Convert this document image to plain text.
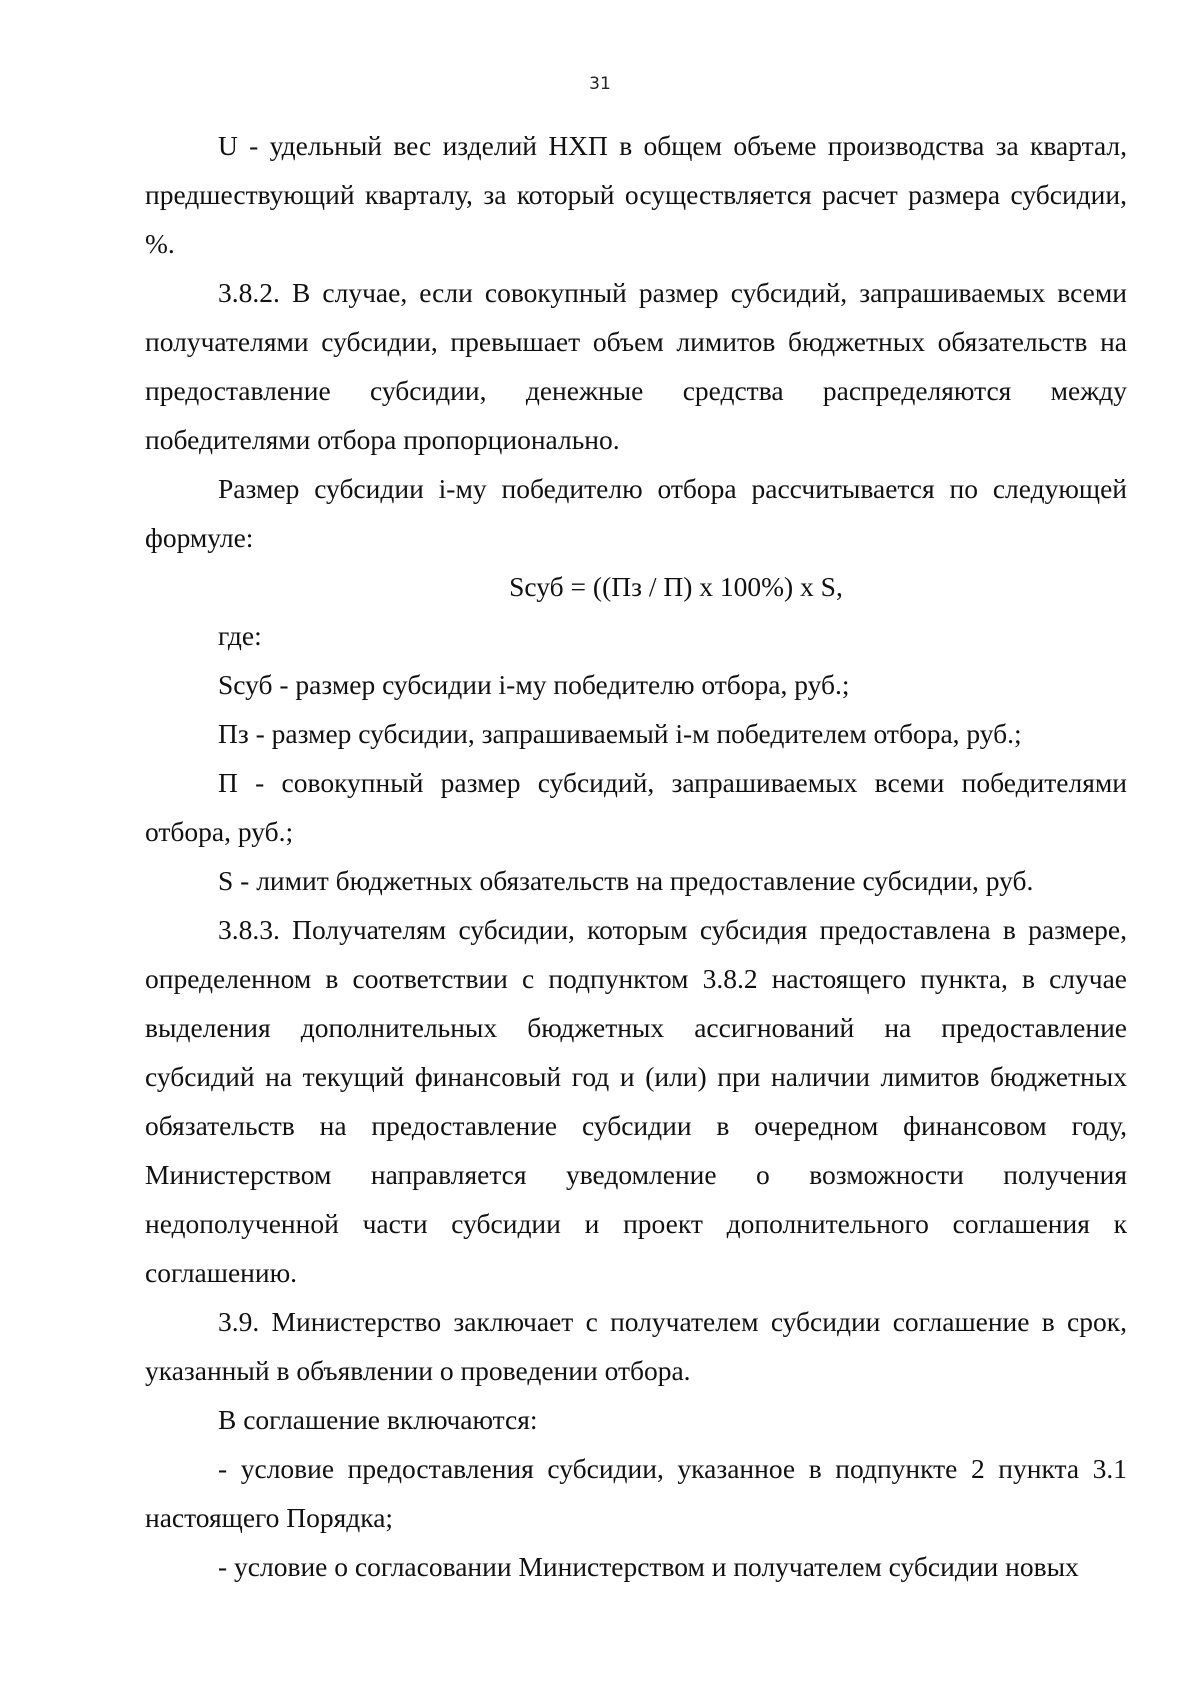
31

U - удельный вес изделий НХП в общем объеме производства за квартал, предшествующий кварталу, за который осуществляется расчет размера субсидии, %.

3.8.2. В случае, если совокупный размер субсидий, запрашиваемых всеми получателями субсидии, превышает объем лимитов бюджетных обязательств на предоставление субсидии, денежные средства распределяются между победителями отбора пропорционально.

Размер субсидии i-му победителю отбора рассчитывается по следующей формуле:

Sсуб = ((Пз / П) х 100%) х S,

где:

Sсуб - размер субсидии i-му победителю отбора, руб.;

Пз - размер субсидии, запрашиваемый i-м победителем отбора, руб.;

П - совокупный размер субсидий, запрашиваемых всеми победителями отбора, руб.;

S - лимит бюджетных обязательств на предоставление субсидии, руб.

3.8.3. Получателям субсидии, которым субсидия предоставлена в размере, определенном в соответствии с подпунктом 3.8.2 настоящего пункта, в случае выделения дополнительных бюджетных ассигнований на предоставление субсидий на текущий финансовый год и (или) при наличии лимитов бюджетных обязательств на предоставление субсидии в очередном финансовом году, Министерством направляется уведомление о возможности получения недополученной части субсидии и проект дополнительного соглашения к соглашению.

3.9. Министерство заключает с получателем субсидии соглашение в срок, указанный в объявлении о проведении отбора.

В соглашение включаются:

- условие предоставления субсидии, указанное в подпункте 2 пункта 3.1 настоящего Порядка;

- условие о согласовании Министерством и получателем субсидии новых
